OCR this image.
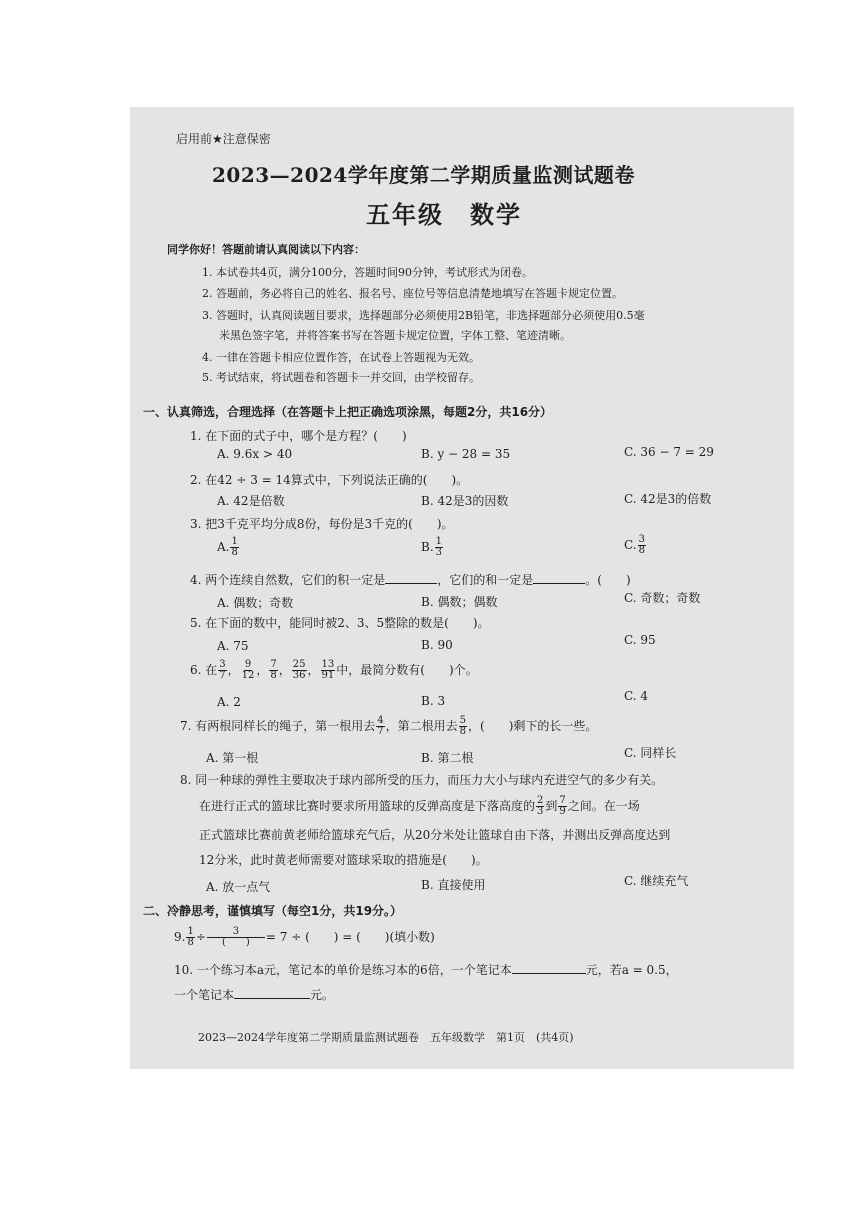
启用前★注意保密
2023—2024学年度第二学期质量监测试题卷
五年级　数学
同学你好！答题前请认真阅读以下内容：
1. 本试卷共4页，满分100分，答题时间90分钟，考试形式为闭卷。
2. 答题前，务必将自己的姓名、报名号、座位号等信息清楚地填写在答题卡规定位置。
3. 答题时，认真阅读题目要求，选择题部分必须使用2B铅笔，非选择题部分必须使用0.5毫
米黑色签字笔，并将答案书写在答题卡规定位置，字体工整、笔迹清晰。
4. 一律在答题卡相应位置作答，在试卷上答题视为无效。
5. 考试结束，将试题卷和答题卡一并交回，由学校留存。
一、认真筛选，合理选择（在答题卡上把正确选项涂黑，每题2分，共16分）
1. 在下面的式子中，哪个是方程？(　　)
A. 9.6x > 40	B. y − 28 = 35	C. 36 − 7 = 29
2. 在42 ÷ 3 = 14算式中，下列说法正确的(　　)。
A. 42是倍数	B. 42是3的因数	C. 42是3的倍数
3. 把3千克平均分成8份，每份是3千克的(　　)。
A. $\frac{1}{8}$	B. $\frac{1}{3}$	C. $\frac{3}{8}$
4. 两个连续自然数，它们的积一定是	，它们的和一定是	。(　　)
A. 偶数；奇数	B. 偶数；偶数	C. 奇数；奇数
5. 在下面的数中，能同时被2、3、5整除的数是(　　)。
A. 75	B. 90	C. 95
6. 在 $\frac{3}{7}$ ， $\frac{9}{12}$ ， $\frac{7}{8}$ ， $\frac{25}{36}$ ， $\frac{13}{91}$ 中，最简分数有(　　)个。
A. 2	B. 3	C. 4
7. 有两根同样长的绳子，第一根用去 $\frac{4}{7}$ ，第二根用去 $\frac{5}{8}$ ，(　　)剩下的长一些。
A. 第一根	B. 第二根	C. 同样长
8. 同一种球的弹性主要取决于球内部所受的压力，而压力大小与球内充进空气的多少有关。
在进行正式的篮球比赛时要求所用篮球的反弹高度是下落高度的 $\frac{2}{3}$ 到 $\frac{7}{9}$ 之间。在一场
正式篮球比赛前黄老师给篮球充气后，从20分米处让篮球自由下落，并测出反弹高度达到
12分米，此时黄老师需要对篮球采取的措施是(　　)。
A. 放一点气	B. 直接使用	C. 继续充气
二、冷静思考，谨慎填写（每空1分，共19分。）
9. $\frac{1}{8} \div \frac{3}{( )} = 7$ ÷ (　　) = (　　)(填小数)
10. 一个练习本a元，笔记本的单价是练习本的6倍，一个笔记本	元，若a = 0.5，
一个笔记本	元。
2023—2024学年度第二学期质量监测试题卷　五年级数学　第1页　(共4页)
